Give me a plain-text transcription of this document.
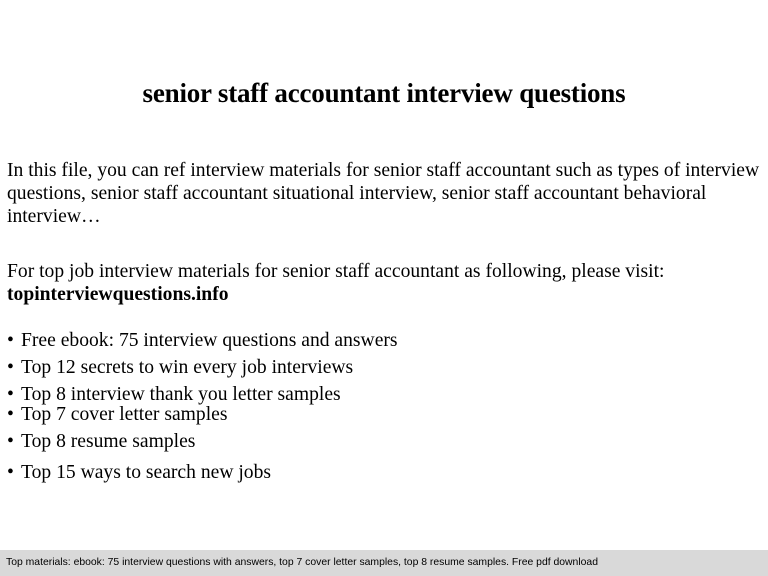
senior staff accountant interview questions

In this file, you can ref interview materials for senior staff accountant such as types of interview questions, senior staff accountant situational interview, senior staff accountant behavioral interview…

For top job interview materials for senior staff accountant as following, please visit:
topinterviewquestions.info

• Free ebook: 75 interview questions and answers
• Top 12 secrets to win every job interviews
• Top 8 interview thank you letter samples
• Top 7 cover letter samples
• Top 8 resume samples
• Top 15 ways to search new jobs

Top materials: ebook: 75 interview questions with answers, top 7 cover letter samples, top 8 resume samples. Free pdf download
